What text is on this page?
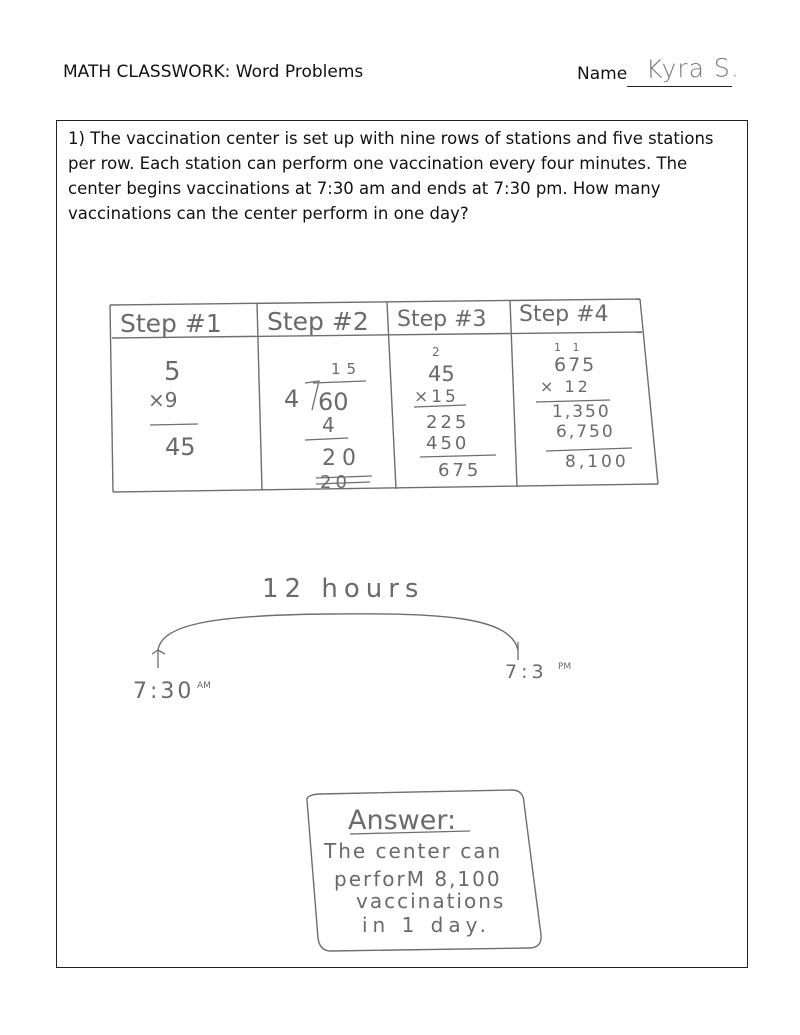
MATH CLASSWORK: Word Problems	Name Kyra S.
1) The vaccination center is set up with nine rows of stations and five stations per row. Each station can perform one vaccination every four minutes. The center begins vaccinations at 7:30 am and ends at 7:30 pm. How many vaccinations can the center perform in one day?
Step #1 Step #2 Step #3 Step #4
5
×9
45
15
4 60
4
20
20
2
45
×15
225
450
675
1 1
675
× 12
1,350
6,750
8,100
12 hours
7:30 AM
7:3 PM
Answer:
The center can
perforM 8,100
vaccinations
in 1 day.
